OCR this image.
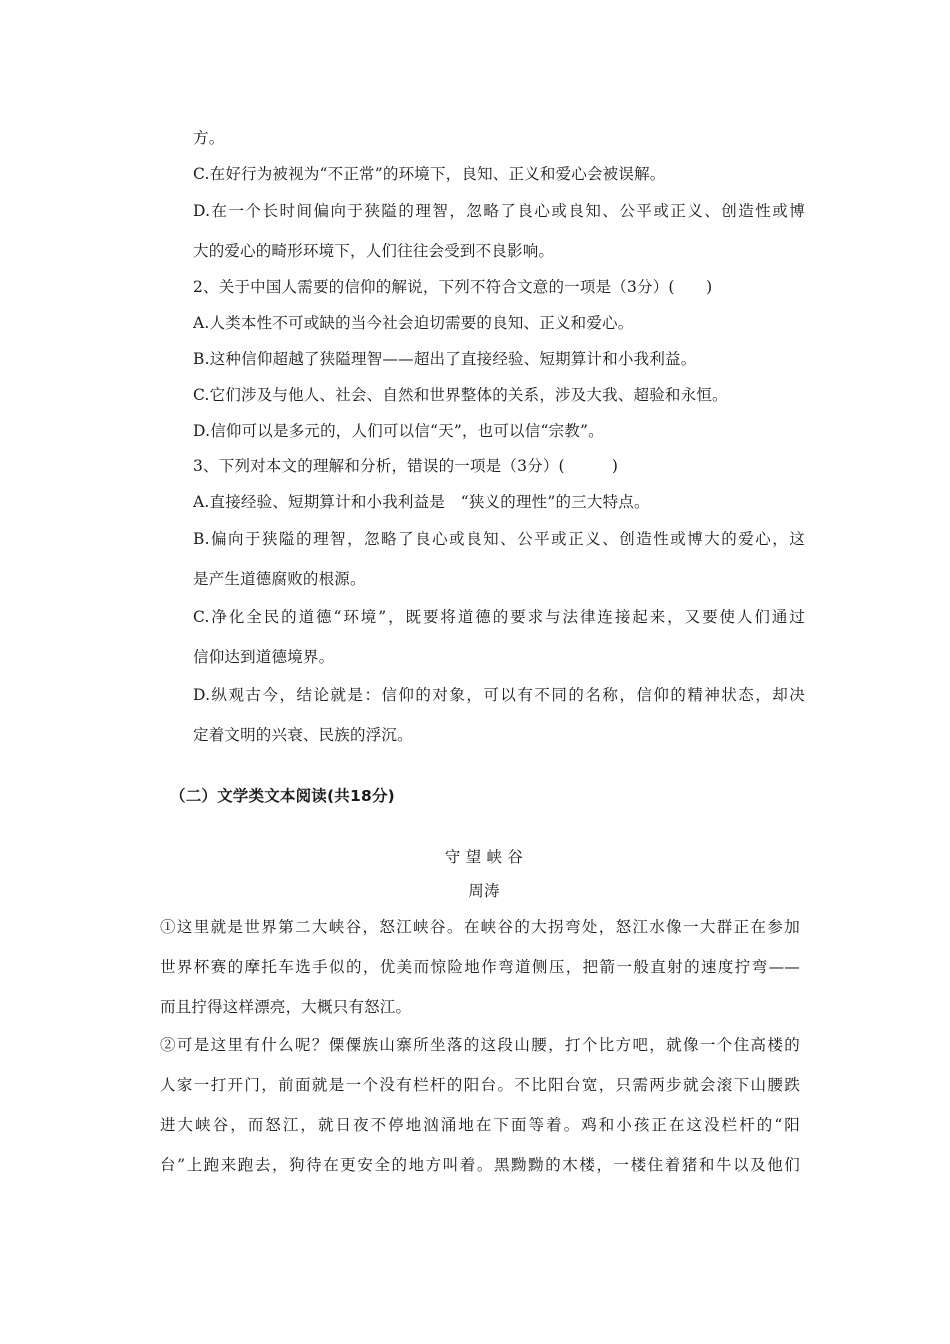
方。
C.在好行为被视为“不正常”的环境下，良知、正义和爱心会被误解。
D.在一个长时间偏向于狭隘的理智，忽略了良心或良知、公平或正义、创造性或博
大的爱心的畸形环境下，人们往往会受到不良影响。
2、关于中国人需要的信仰的解说，下列不符合文意的一项是（3分）(　　)
A.人类本性不可或缺的当今社会迫切需要的良知、正义和爱心。
B.这种信仰超越了狭隘理智——超出了直接经验、短期算计和小我利益。
C.它们涉及与他人、社会、自然和世界整体的关系，涉及大我、超验和永恒。
D.信仰可以是多元的，人们可以信“天”，也可以信“宗教”。
3、下列对本文的理解和分析，错误的一项是（3分）(　　　)
A.直接经验、短期算计和小我利益是　“狭义的理性”的三大特点。
B.偏向于狭隘的理智，忽略了良心或良知、公平或正义、创造性或博大的爱心，这
是产生道德腐败的根源。
C.净化全民的道德“环境”，既要将道德的要求与法律连接起来，又要使人们通过
信仰达到道德境界。
D.纵观古今，结论就是：信仰的对象，可以有不同的名称，信仰的精神状态，却决
定着文明的兴衰、民族的浮沉。
（二）文学类文本阅读(共18分)
守 望 峡 谷
周涛
①这里就是世界第二大峡谷，怒江峡谷。在峡谷的大拐弯处，怒江水像一大群正在参加
世界杯赛的摩托车选手似的，优美而惊险地作弯道侧压，把箭一般直射的速度拧弯——
而且拧得这样漂亮，大概只有怒江。
②可是这里有什么呢？傈僳族山寨所坐落的这段山腰，打个比方吧，就像一个住高楼的
人家一打开门，前面就是一个没有栏杆的阳台。不比阳台宽，只需两步就会滚下山腰跌
进大峡谷，而怒江，就日夜不停地汹涌地在下面等着。鸡和小孩正在这没栏杆的“阳
台”上跑来跑去，狗待在更安全的地方叫着。黑黝黝的木楼，一楼住着猪和牛以及他们
